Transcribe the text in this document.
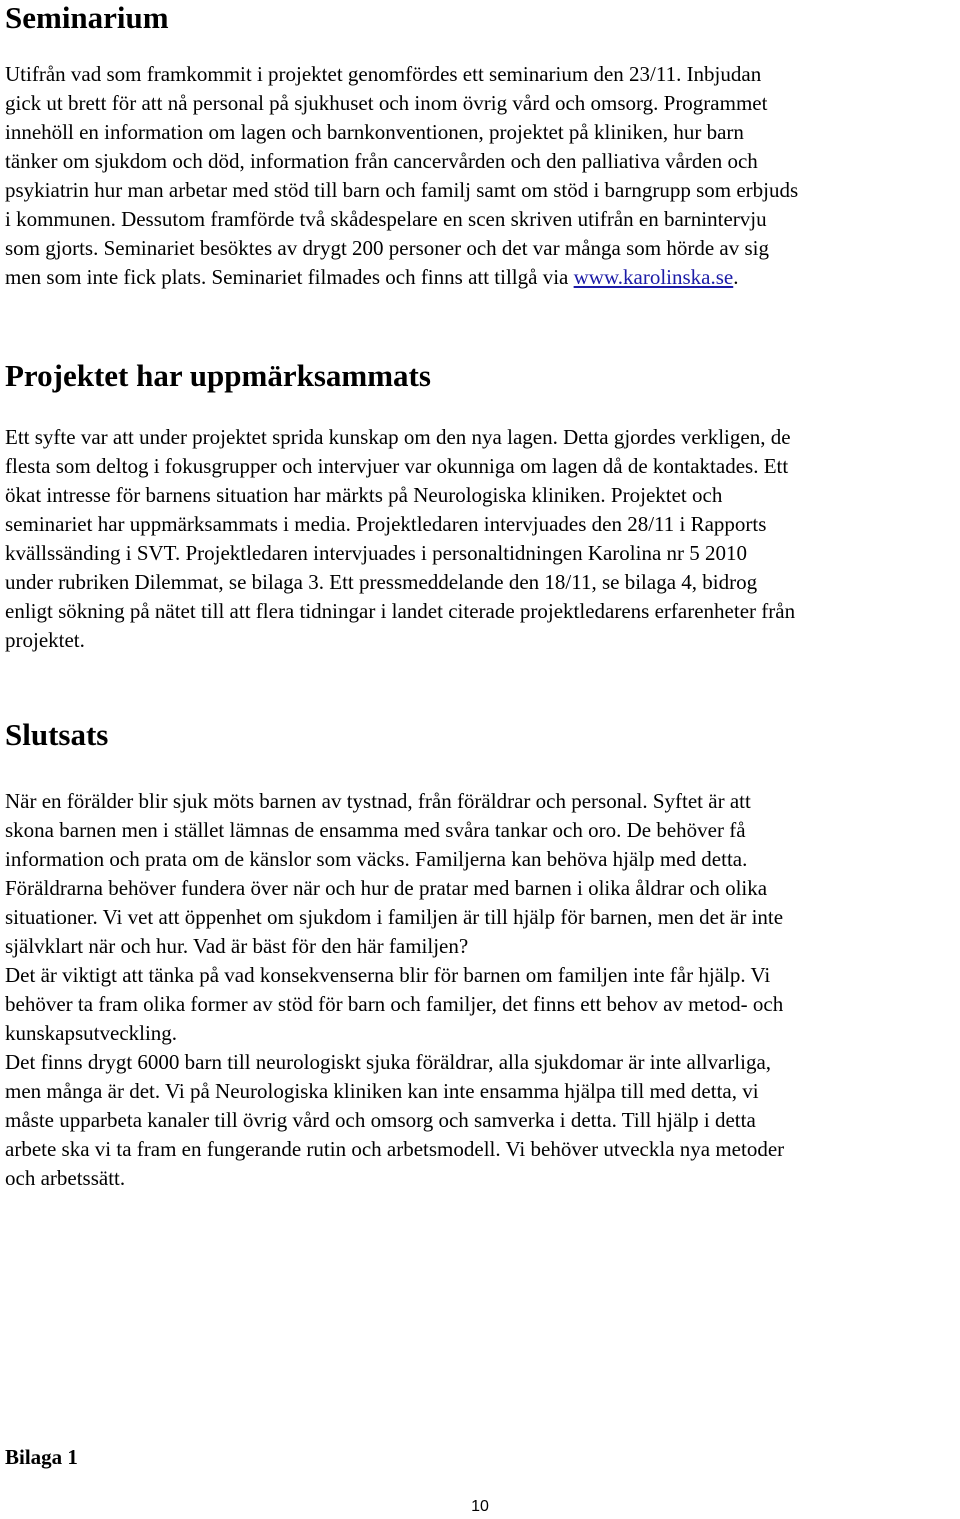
Seminarium
Utifrån vad som framkommit i projektet genomfördes ett seminarium den 23/11. Inbjudan
gick ut brett för att nå personal på sjukhuset och inom övrig vård och omsorg. Programmet
innehöll en information om lagen och barnkonventionen, projektet på kliniken, hur barn
tänker om sjukdom och död, information från cancervården och den palliativa vården och
psykiatrin hur man arbetar med stöd till barn och familj samt om stöd i barngrupp som erbjuds
i kommunen. Dessutom framförde två skådespelare en scen skriven utifrån en barnintervju
som gjorts. Seminariet besöktes av drygt 200 personer och det var många som hörde av sig
men som inte fick plats. Seminariet filmades och finns att tillgå via www.karolinska.se.
Projektet har uppmärksammats
Ett syfte var att under projektet sprida kunskap om den nya lagen. Detta gjordes verkligen, de
flesta som deltog i fokusgrupper och intervjuer var okunniga om lagen då de kontaktades. Ett
ökat intresse för barnens situation har märkts på Neurologiska kliniken. Projektet och
seminariet har uppmärksammats i media. Projektledaren intervjuades den 28/11 i Rapports
kvällssänding i SVT. Projektledaren intervjuades i personaltidningen Karolina nr 5 2010
under rubriken Dilemmat, se bilaga 3. Ett pressmeddelande den 18/11, se bilaga 4, bidrog
enligt sökning på nätet till att flera tidningar i landet citerade projektledarens erfarenheter från
projektet.
Slutsats
När en förälder blir sjuk möts barnen av tystnad, från föräldrar och personal. Syftet är att
skona barnen men i stället lämnas de ensamma med svåra tankar och oro. De behöver få
information och prata om de känslor som väcks. Familjerna kan behöva hjälp med detta.
Föräldrarna behöver fundera över när och hur de pratar med barnen i olika åldrar och olika
situationer. Vi vet att öppenhet om sjukdom i familjen är till hjälp för barnen, men det är inte
självklart när och hur. Vad är bäst för den här familjen?
Det är viktigt att tänka på vad konsekvenserna blir för barnen om familjen inte får hjälp. Vi
behöver ta fram olika former av stöd för barn och familjer, det finns ett behov av metod- och
kunskapsutveckling.
Det finns drygt 6000 barn till neurologiskt sjuka föräldrar, alla sjukdomar är inte allvarliga,
men många är det. Vi på Neurologiska kliniken kan inte ensamma hjälpa till med detta, vi
måste upparbeta kanaler till övrig vård och omsorg och samverka i detta. Till hjälp i detta
arbete ska vi ta fram en fungerande rutin och arbetsmodell. Vi behöver utveckla nya metoder
och arbetssätt.

Bilaga 1

10
